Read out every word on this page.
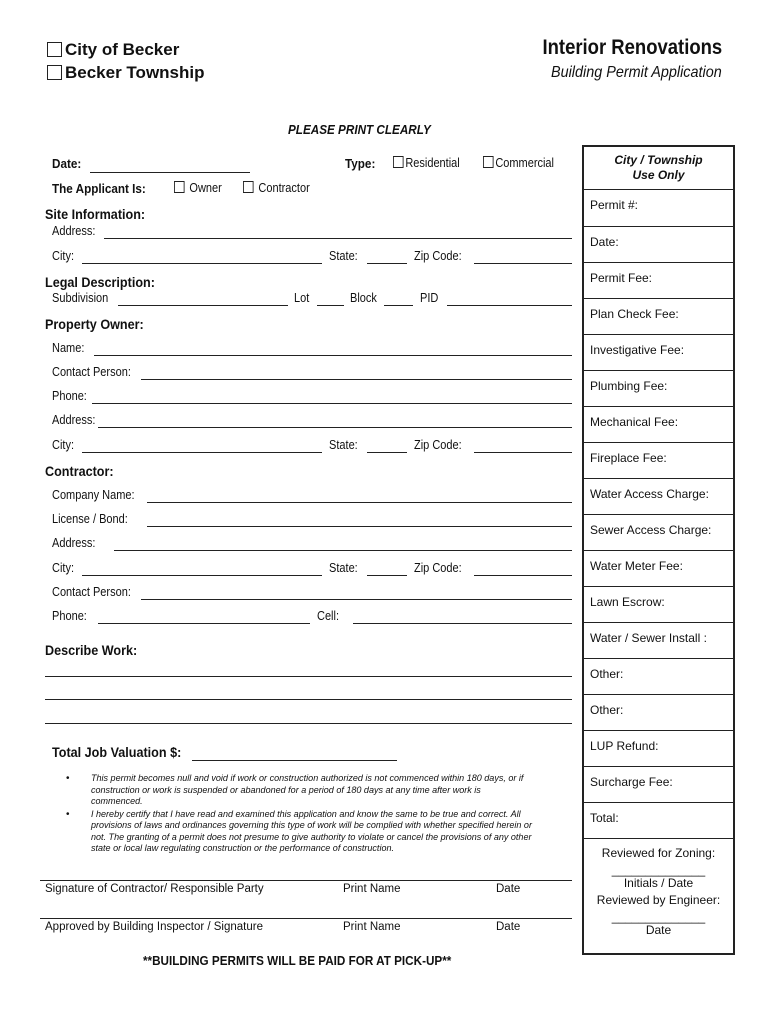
City of Becker
Becker Township
Interior Renovations
Building Permit Application
PLEASE PRINT CLEARLY
Date:	Type:	Residential	Commercial
The Applicant Is:	Owner	Contractor
Site Information:
Address:
City:	State:	Zip Code:
Legal Description:
Subdivision	Lot	Block	PID
Property Owner:
Name:
Contact Person:
Phone:
Address:
City:	State:	Zip Code:
Contractor:
Company Name:
License / Bond:
Address:
City:	State:	Zip Code:
Contact Person:
Phone:	Cell:
Describe Work:
Total Job Valuation $:
• This permit becomes null and void if work or construction authorized is not commenced within 180 days, or if construction or work is suspended or abandoned for a period of 180 days at any time after work is commenced.
• I hereby certify that I have read and examined this application and know the same to be true and correct. All provisions of laws and ordinances governing this type of work will be complied with whether specified herein or not. The granting of a permit does not presume to give authority to violate or cancel the provisions of any other state or local law regulating construction or the performance of construction.
Signature of Contractor/ Responsible Party	Print Name	Date
Approved by Building Inspector / Signature	Print Name	Date
**BUILDING PERMITS WILL BE PAID FOR AT PICK-UP**
City / Township
Use Only
Permit #:
Date:
Permit Fee:
Plan Check Fee:
Investigative Fee:
Plumbing Fee:
Mechanical Fee:
Fireplace Fee:
Water Access Charge:
Sewer Access Charge:
Water Meter Fee:
Lawn Escrow:
Water / Sewer Install :
Other:
Other:
LUP Refund:
Surcharge Fee:
Total:
Reviewed for Zoning:
______________
Initials / Date
Reviewed by Engineer:
______________
Date
